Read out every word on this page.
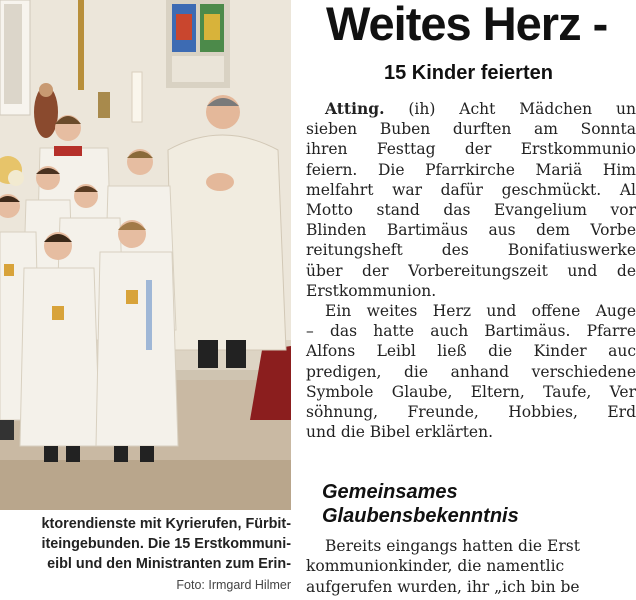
ktorendienste mit Kyrierufen, Fürbit-
iteingebunden. Die 15 Erstkommuni-
eibl und den Ministranten zum Erin-
Foto: Irmgard Hilmer
Weites Herz -
15 Kinder feierten
Atting. (ih) Acht Mädchen un
sieben Buben durften am Sonnta
ihren Festtag der Erstkommunio
feiern. Die Pfarrkirche Mariä Him
melfahrt war dafür geschmückt. Al
Motto stand das Evangelium vor
Blinden Bartimäus aus dem Vorbe
reitungsheft des Bonifatiuswerke
über der Vorbereitungszeit und de
Erstkommunion.
Ein weites Herz und offene Auge
– das hatte auch Bartimäus. Pfarre
Alfons Leibl ließ die Kinder auc
predigen, die anhand verschiedene
Symbole Glaube, Eltern, Taufe, Ver
söhnung, Freunde, Hobbies, Erd
und die Bibel erklärten.
Gemeinsames
Glaubensbekenntnis
Bereits eingangs hatten die Erst
kommunionkinder, die namentlic
aufgerufen wurden, ihr „ich bin be
